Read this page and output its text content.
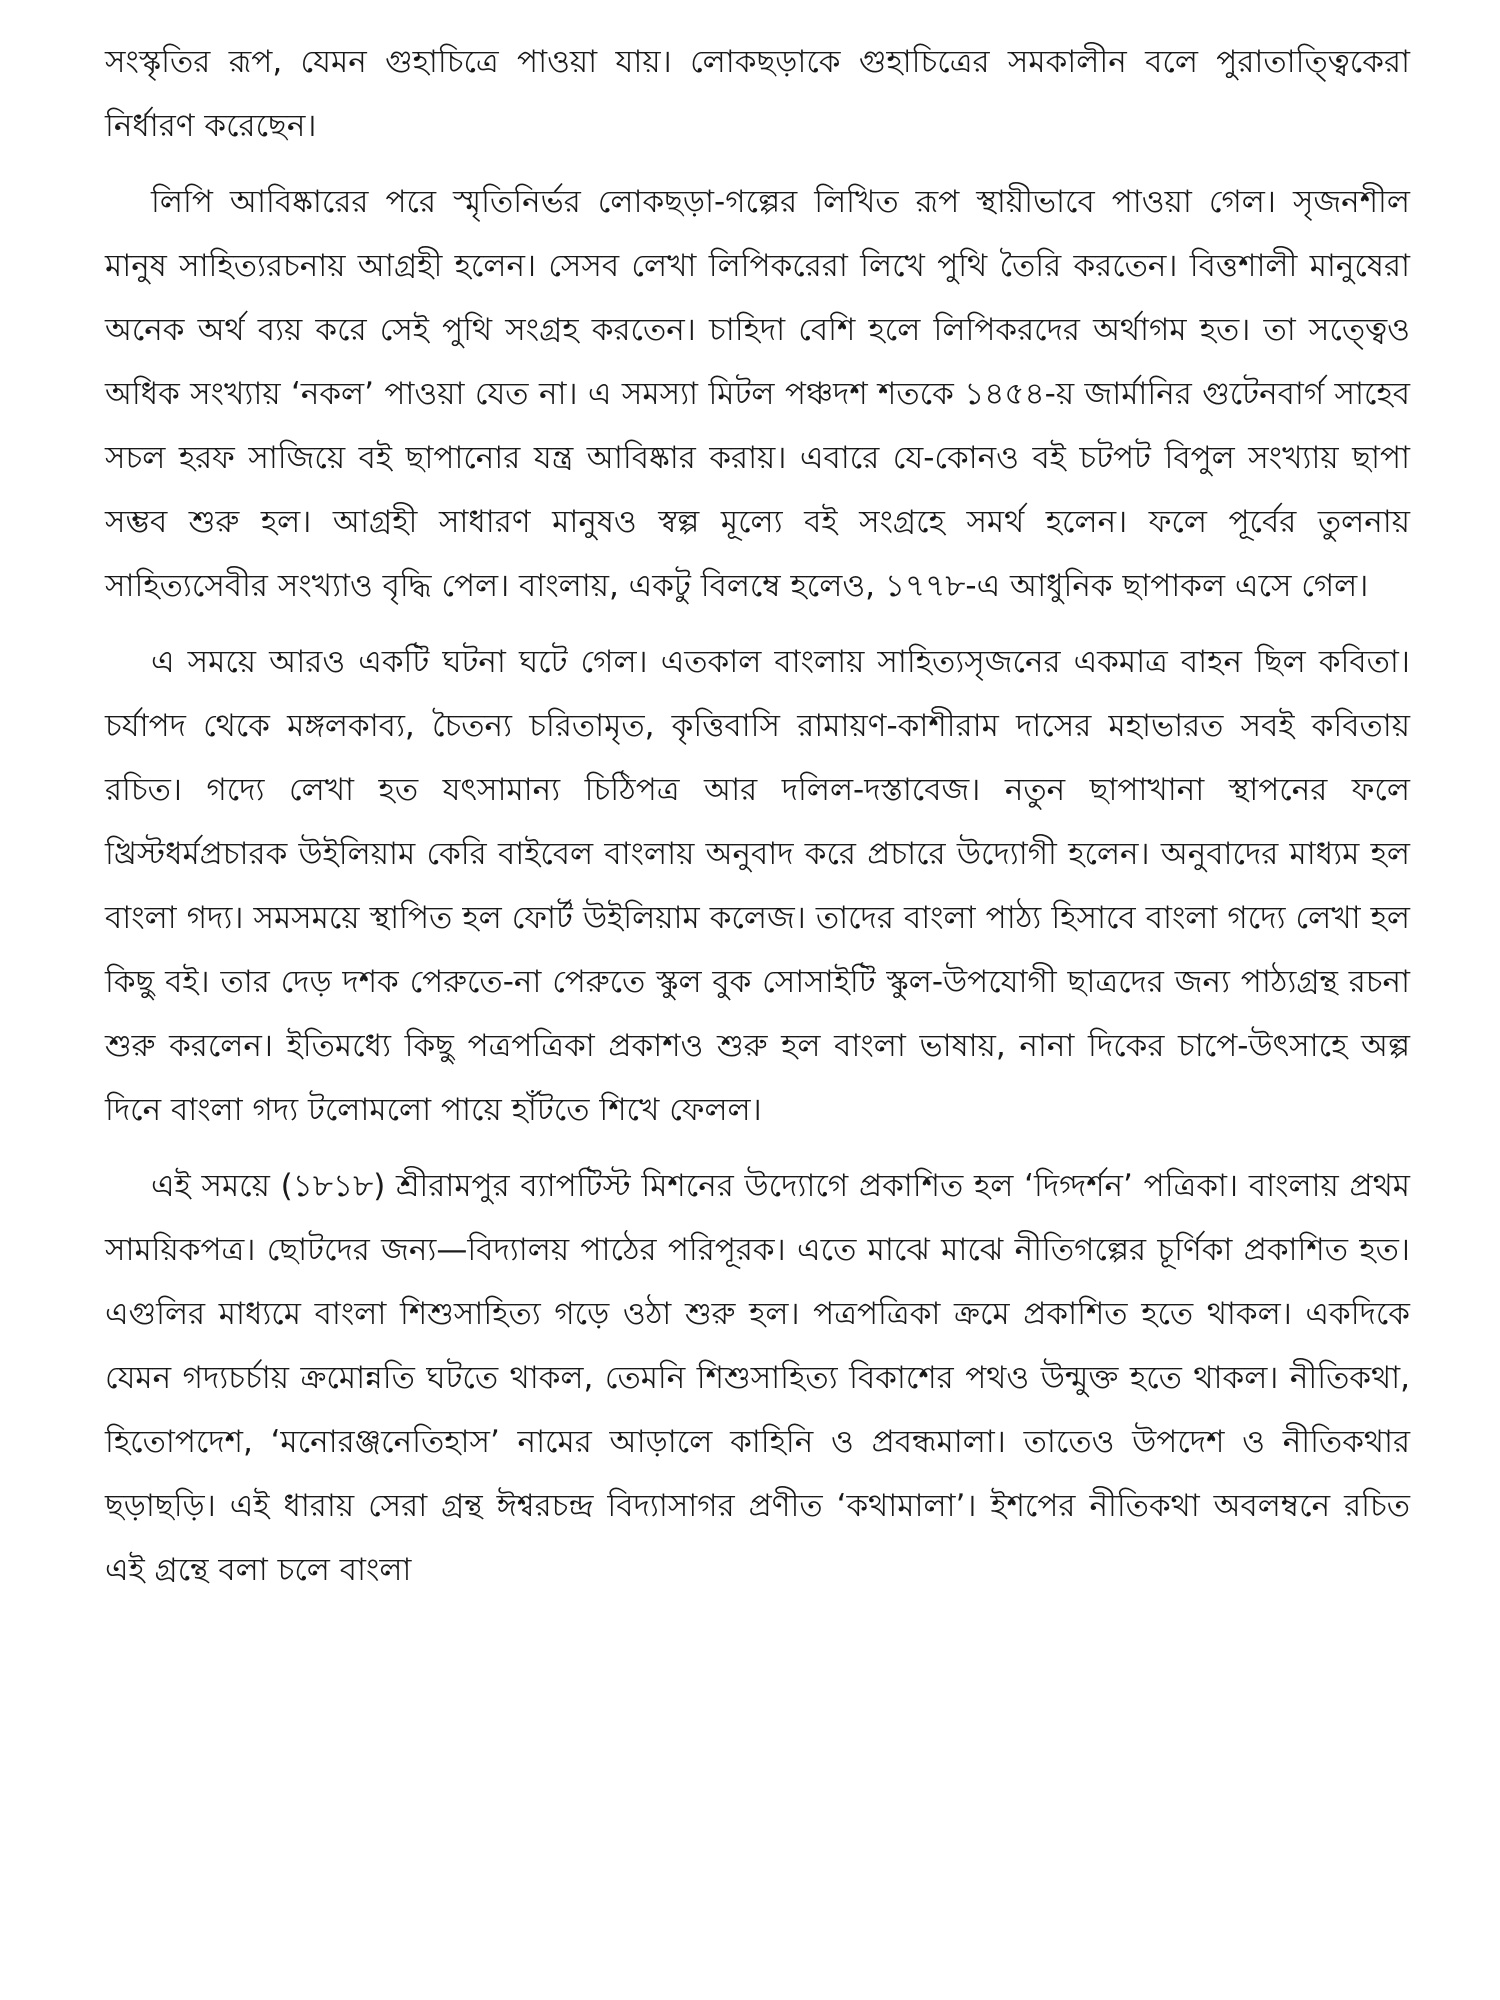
সংস্কৃতির রূপ, যেমন গুহাচিত্রে পাওয়া যায়। লোকছড়াকে গুহাচিত্রের সমকালীন বলে পুরাতাত্ত্বিকেরা নির্ধারণ করেছেন।

লিপি আবিষ্কারের পরে স্মৃতিনির্ভর লোকছড়া-গল্পের লিখিত রূপ স্থায়ীভাবে পাওয়া গেল। সৃজনশীল মানুষ সাহিত্যরচনায় আগ্রহী হলেন। সেসব লেখা লিপিকরেরা লিখে পুথি তৈরি করতেন। বিত্তশালী মানুষেরা অনেক অর্থ ব্যয় করে সেই পুথি সংগ্রহ করতেন। চাহিদা বেশি হলে লিপিকরদের অর্থাগম হত। তা সত্ত্বেও অধিক সংখ্যায় ‘নকল’ পাওয়া যেত না। এ সমস্যা মিটল পঞ্চদশ শতকে ১৪৫৪-য় জার্মানির গুটেনবার্গ সাহেব সচল হরফ সাজিয়ে বই ছাপানোর যন্ত্র আবিষ্কার করায়। এবারে যে-কোনও বই চটপট বিপুল সংখ্যায় ছাপা সম্ভব শুরু হল। আগ্রহী সাধারণ মানুষও স্বল্প মূল্যে বই সংগ্রহে সমর্থ হলেন। ফলে পূর্বের তুলনায় সাহিত্যসেবীর সংখ্যাও বৃদ্ধি পেল। বাংলায়, একটু বিলম্বে হলেও, ১৭৭৮-এ আধুনিক ছাপাকল এসে গেল।

এ সময়ে আরও একটি ঘটনা ঘটে গেল। এতকাল বাংলায় সাহিত্যসৃজনের একমাত্র বাহন ছিল কবিতা। চর্যাপদ থেকে মঙ্গলকাব্য, চৈতন্য চরিতামৃত, কৃত্তিবাসি রামায়ণ-কাশীরাম দাসের মহাভারত সবই কবিতায় রচিত। গদ্যে লেখা হত যৎসামান্য চিঠিপত্র আর দলিল-দস্তাবেজ। নতুন ছাপাখানা স্থাপনের ফলে খ্রিস্টধর্মপ্রচারক উইলিয়াম কেরি বাইবেল বাংলায় অনুবাদ করে প্রচারে উদ্যোগী হলেন। অনুবাদের মাধ্যম হল বাংলা গদ্য। সমসময়ে স্থাপিত হল ফোর্ট উইলিয়াম কলেজ। তাদের বাংলা পাঠ্য হিসাবে বাংলা গদ্যে লেখা হল কিছু বই। তার দেড় দশক পেরুতে-না পেরুতে স্কুল বুক সোসাইটি স্কুল-উপযোগী ছাত্রদের জন্য পাঠ্যগ্রন্থ রচনা শুরু করলেন। ইতিমধ্যে কিছু পত্রপত্রিকা প্রকাশও শুরু হল বাংলা ভাষায়, নানা দিকের চাপে-উৎসাহে অল্প দিনে বাংলা গদ্য টলোমলো পায়ে হাঁটতে শিখে ফেলল।

এই সময়ে (১৮১৮) শ্রীরামপুর ব্যাপটিস্ট মিশনের উদ্যোগে প্রকাশিত হল ‘দিগ্দর্শন’ পত্রিকা। বাংলায় প্রথম সাময়িকপত্র। ছোটদের জন্য—বিদ্যালয় পাঠের পরিপূরক। এতে মাঝে মাঝে নীতিগল্পের চূর্ণিকা প্রকাশিত হত। এগুলির মাধ্যমে বাংলা শিশুসাহিত্য গড়ে ওঠা শুরু হল। পত্রপত্রিকা ক্রমে প্রকাশিত হতে থাকল। একদিকে যেমন গদ্যচর্চায় ক্রমোন্নতি ঘটতে থাকল, তেমনি শিশুসাহিত্য বিকাশের পথও উন্মুক্ত হতে থাকল। নীতিকথা, হিতোপদেশ, ‘মনোরঞ্জনেতিহাস’ নামের আড়ালে কাহিনি ও প্রবন্ধমালা। তাতেও উপদেশ ও নীতিকথার ছড়াছড়ি। এই ধারায় সেরা গ্রন্থ ঈশ্বরচন্দ্র বিদ্যাসাগর প্রণীত ‘কথামালা’। ইশপের নীতিকথা অবলম্বনে রচিত এই গ্রন্থে বলা চলে বাংলা
